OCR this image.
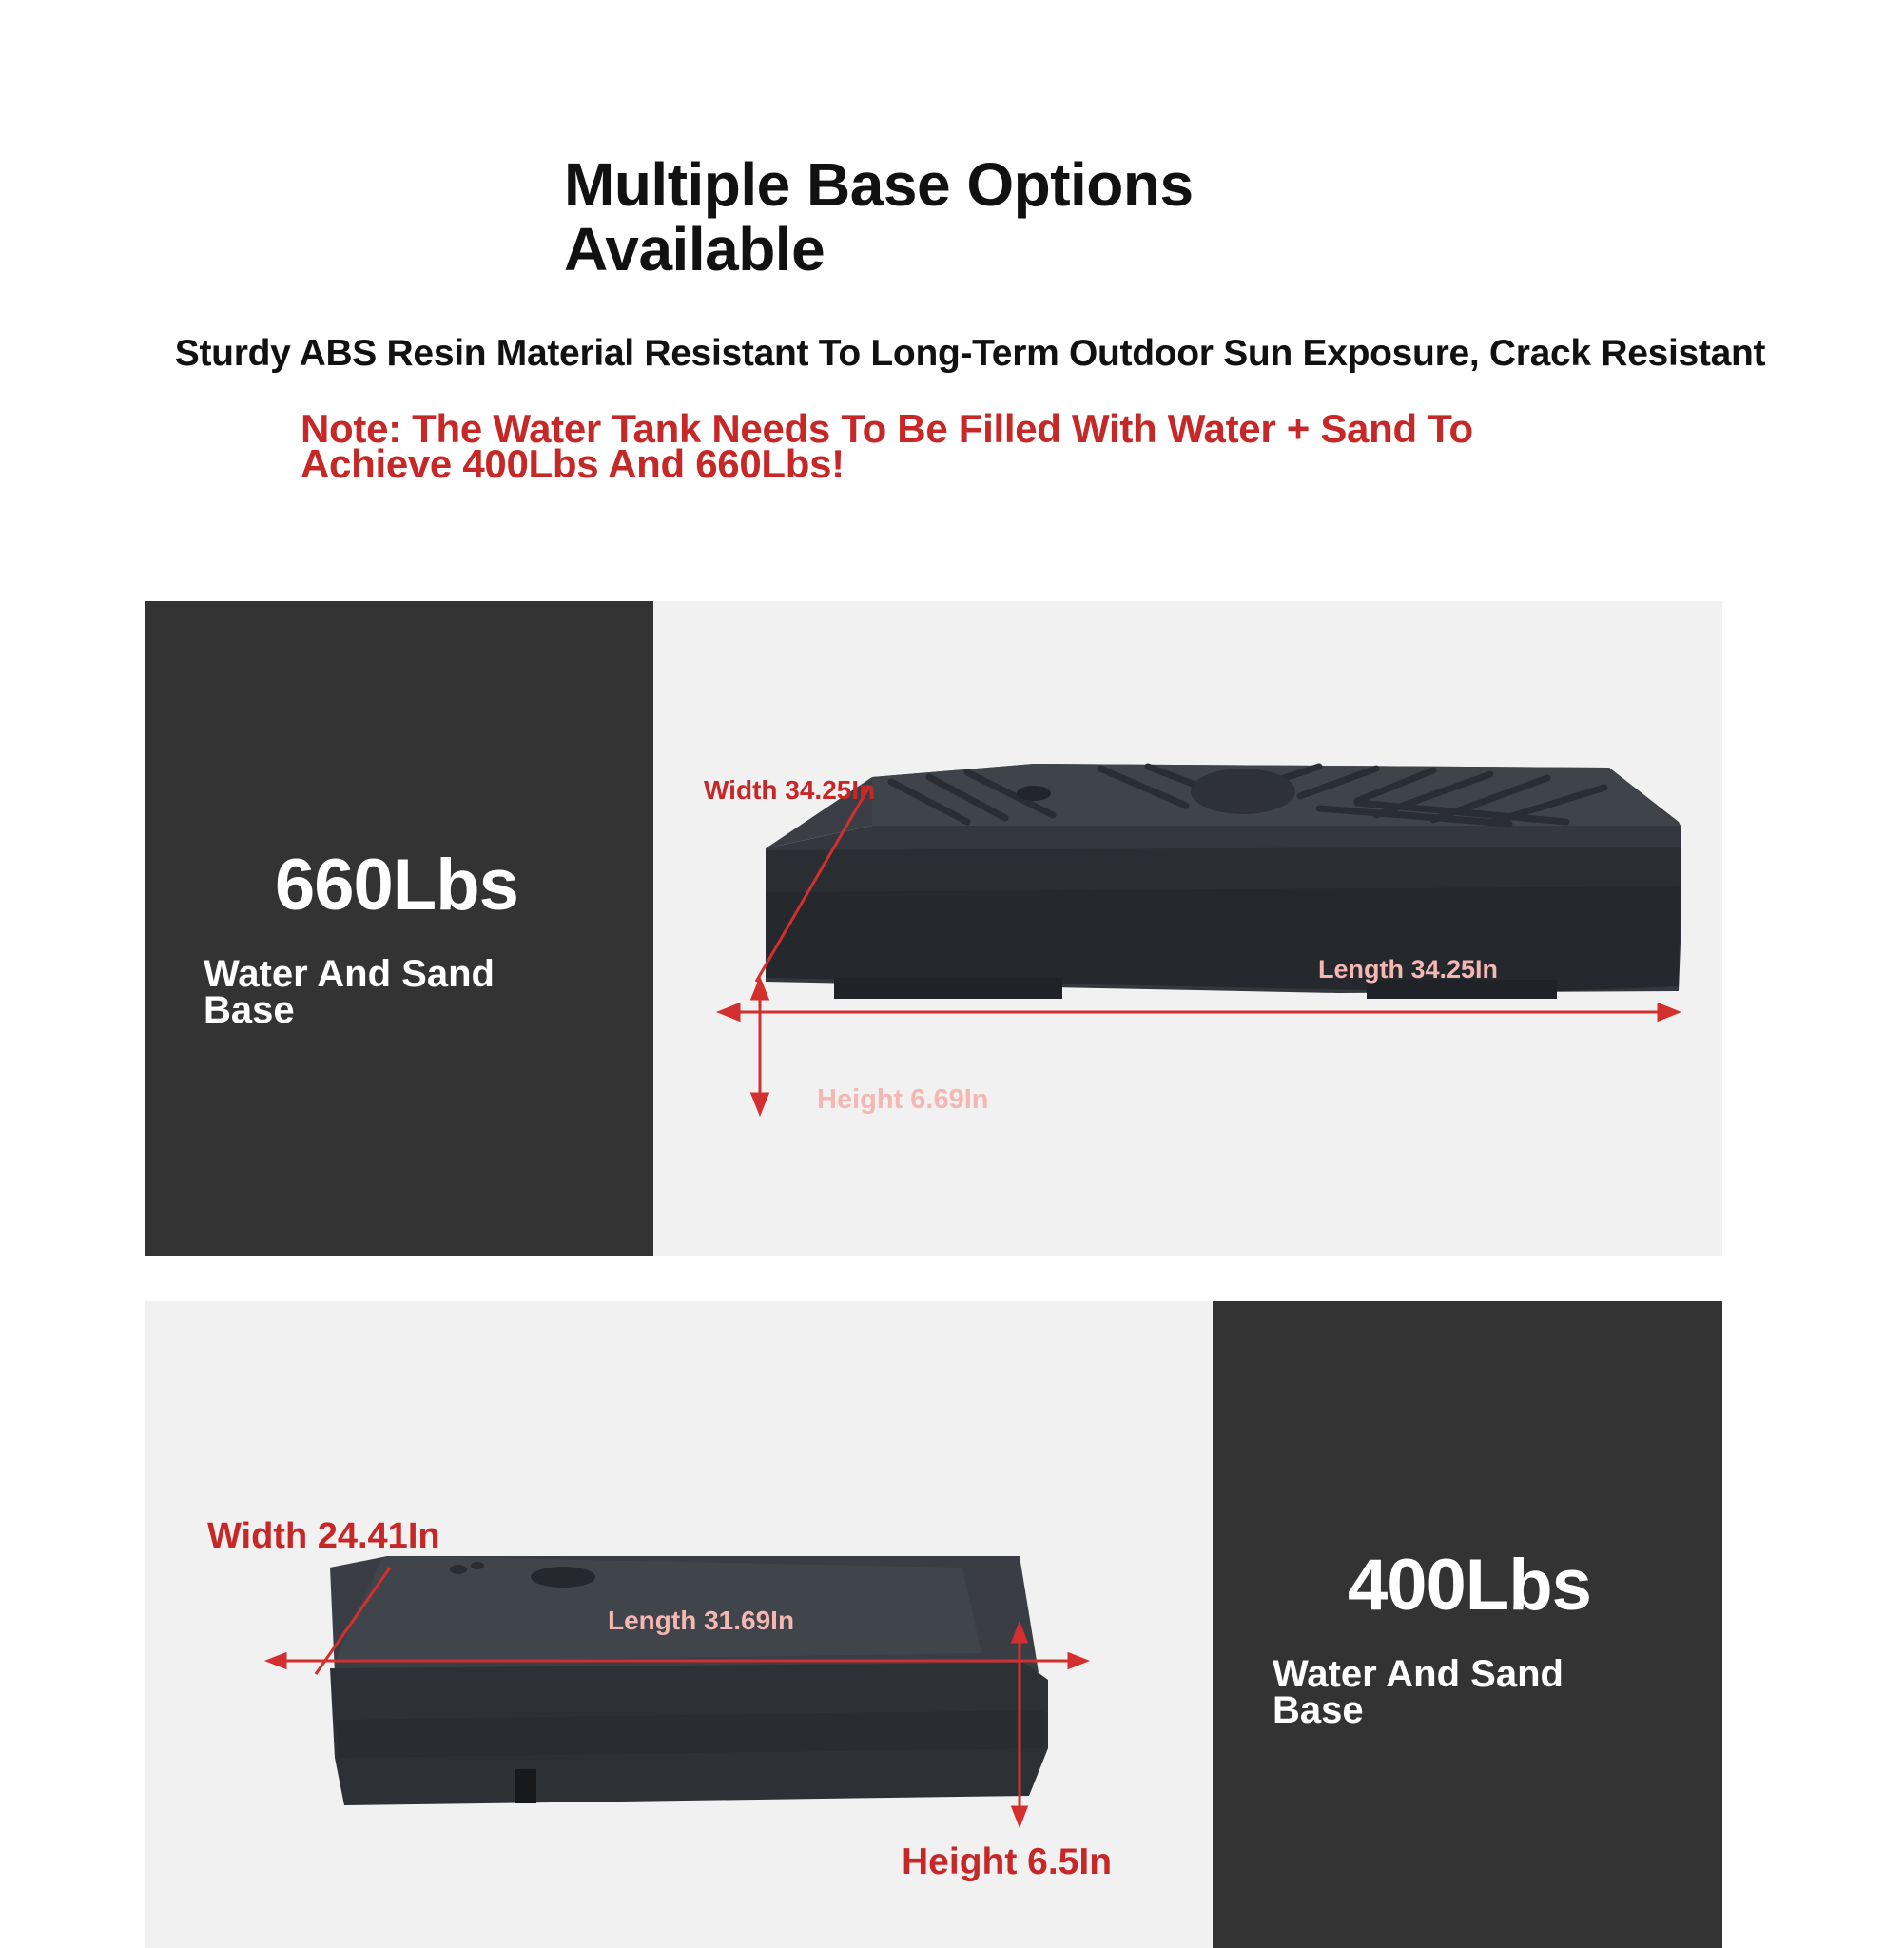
Multiple Base Options
Available
Sturdy ABS Resin Material Resistant To Long-Term Outdoor Sun Exposure, Crack Resistant
Note: The Water Tank Needs To Be Filled With Water + Sand To
Achieve 400Lbs And 660Lbs!
660Lbs
Water And Sand
Base
Width 34.25In
Length 34.25In
Height 6.69In
Width 24.41In
Length 31.69In
Height 6.5In
400Lbs
Water And Sand
Base
